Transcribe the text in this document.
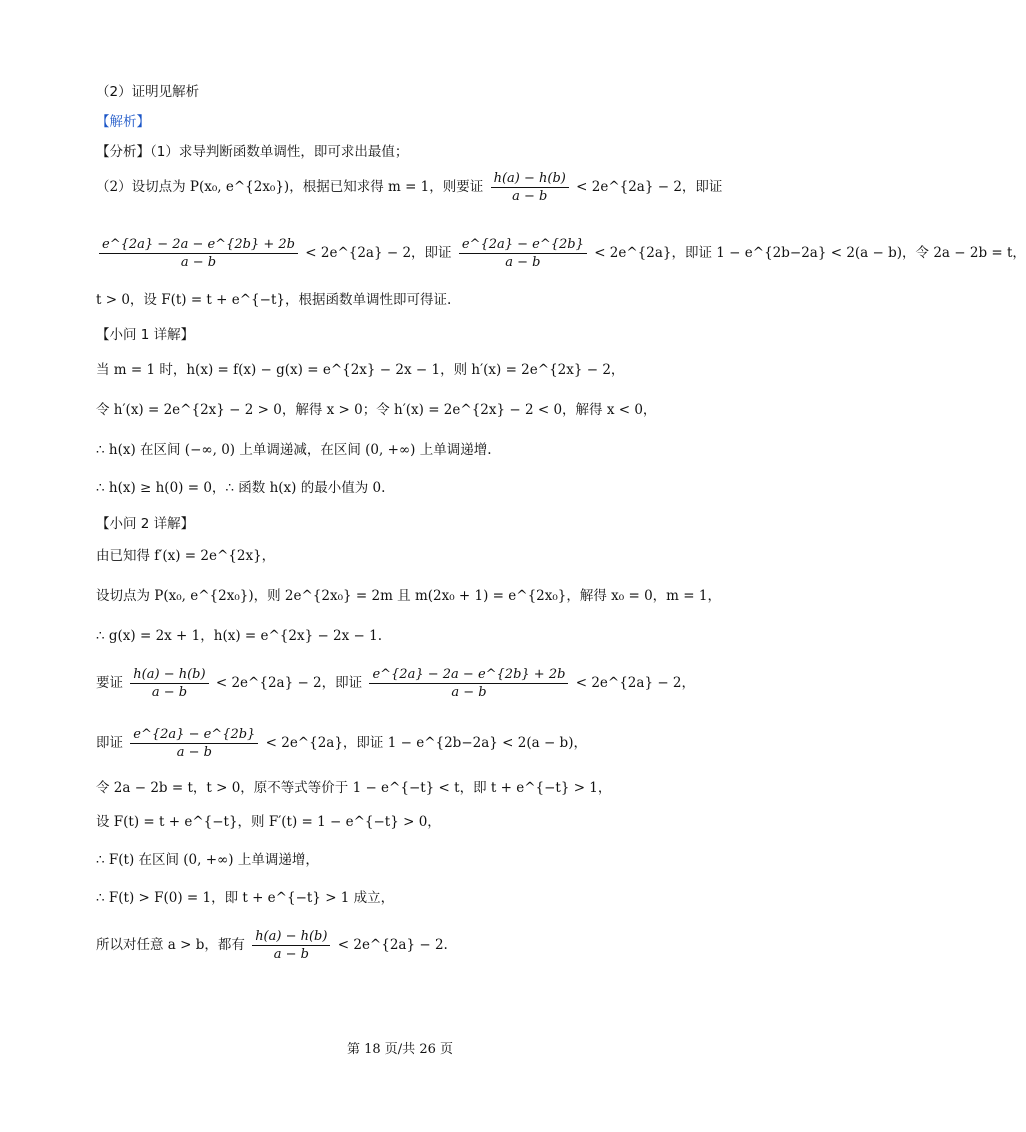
（2）证明见解析
【解析】
【分析】（1）求导判断函数单调性，即可求出最值；
（2）设切点为 P(x₀, e^{2x₀})，根据已知求得 m = 1，则要证 $\frac{h(a) - h(b)}{a - b}$ < 2e^{2a} − 2，即证
$\frac{e\^{}\{2a\} - 2a - e\^{}\{2b\} + 2b}{a - b}$ < 2e^{2a} − 2，即证 $\frac{e\^{}\{2a\} - e\^{}\{2b\}}{a - b}$ < 2e^{2a}，即证 1 − e^{2b−2a} < 2(a − b)，令 2a − 2b = t，
t > 0，设 F(t) = t + e^{−t}，根据函数单调性即可得证.
【小问 1 详解】
当 m = 1 时，h(x) = f(x) − g(x) = e^{2x} − 2x − 1，则 h′(x) = 2e^{2x} − 2，
令 h′(x) = 2e^{2x} − 2 > 0，解得 x > 0；令 h′(x) = 2e^{2x} − 2 < 0，解得 x < 0，
∴ h(x) 在区间 (−∞, 0) 上单调递减，在区间 (0, +∞) 上单调递增.
∴ h(x) ≥ h(0) = 0，∴ 函数 h(x) 的最小值为 0.
【小问 2 详解】
由已知得 f′(x) = 2e^{2x}，
设切点为 P(x₀, e^{2x₀})，则 2e^{2x₀} = 2m 且 m(2x₀ + 1) = e^{2x₀}，解得 x₀ = 0，m = 1，
∴ g(x) = 2x + 1，h(x) = e^{2x} − 2x − 1.
要证 $\frac{h(a) - h(b)}{a - b}$ < 2e^{2a} − 2，即证 $\frac{e\^{}\{2a\} - 2a - e\^{}\{2b\} + 2b}{a - b}$ < 2e^{2a} − 2，
即证 $\frac{e\^{}\{2a\} - e\^{}\{2b\}}{a - b}$ < 2e^{2a}，即证 1 − e^{2b−2a} < 2(a − b)，
令 2a − 2b = t，t > 0，原不等式等价于 1 − e^{−t} < t，即 t + e^{−t} > 1，
设 F(t) = t + e^{−t}，则 F′(t) = 1 − e^{−t} > 0，
∴ F(t) 在区间 (0, +∞) 上单调递增，
∴ F(t) > F(0) = 1，即 t + e^{−t} > 1 成立，
所以对任意 a > b，都有 $\frac{h(a) - h(b)}{a - b}$ < 2e^{2a} − 2.
第 18 页/共 26 页
